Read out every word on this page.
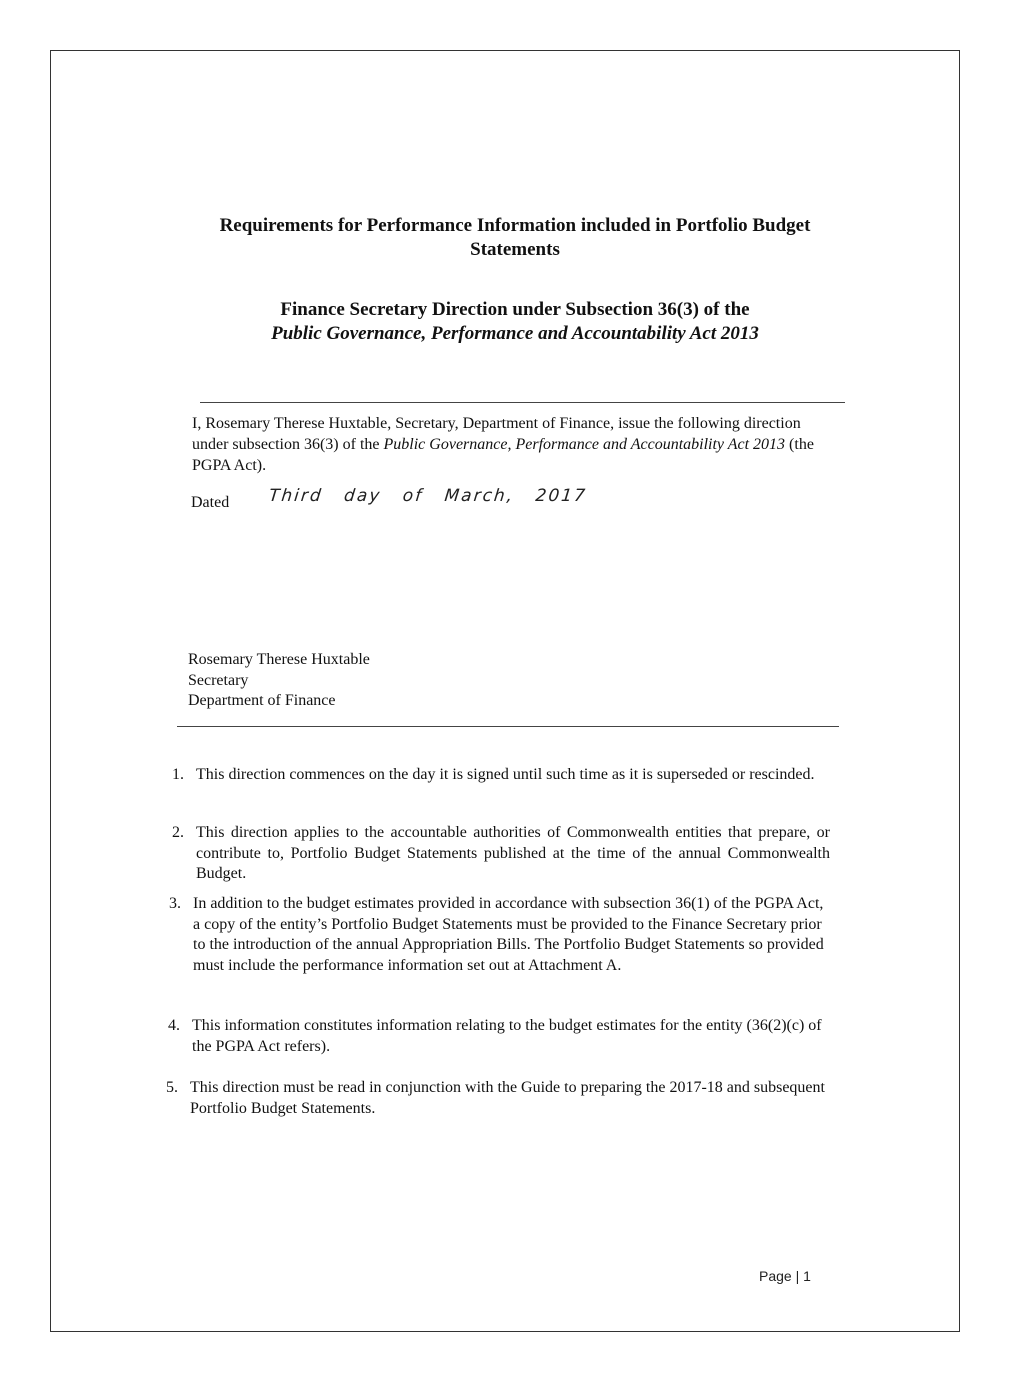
Requirements for Performance Information included in Portfolio Budget Statements
Finance Secretary Direction under Subsection 36(3) of the
Public Governance, Performance and Accountability Act 2013
I, Rosemary Therese Huxtable, Secretary, Department of Finance, issue the following direction under subsection 36(3) of the Public Governance, Performance and Accountability Act 2013 (the PGPA Act).
Dated Third day of March, 2017
Rosemary Therese Huxtable
Secretary
Department of Finance
1. This direction commences on the day it is signed until such time as it is superseded or rescinded.
2. This direction applies to the accountable authorities of Commonwealth entities that prepare, or contribute to, Portfolio Budget Statements published at the time of the annual Commonwealth Budget.
3. In addition to the budget estimates provided in accordance with subsection 36(1) of the PGPA Act, a copy of the entity’s Portfolio Budget Statements must be provided to the Finance Secretary prior to the introduction of the annual Appropriation Bills. The Portfolio Budget Statements so provided must include the performance information set out at Attachment A.
4. This information constitutes information relating to the budget estimates for the entity (36(2)(c) of the PGPA Act refers).
5. This direction must be read in conjunction with the Guide to preparing the 2017-18 and subsequent Portfolio Budget Statements.
Page | 1
